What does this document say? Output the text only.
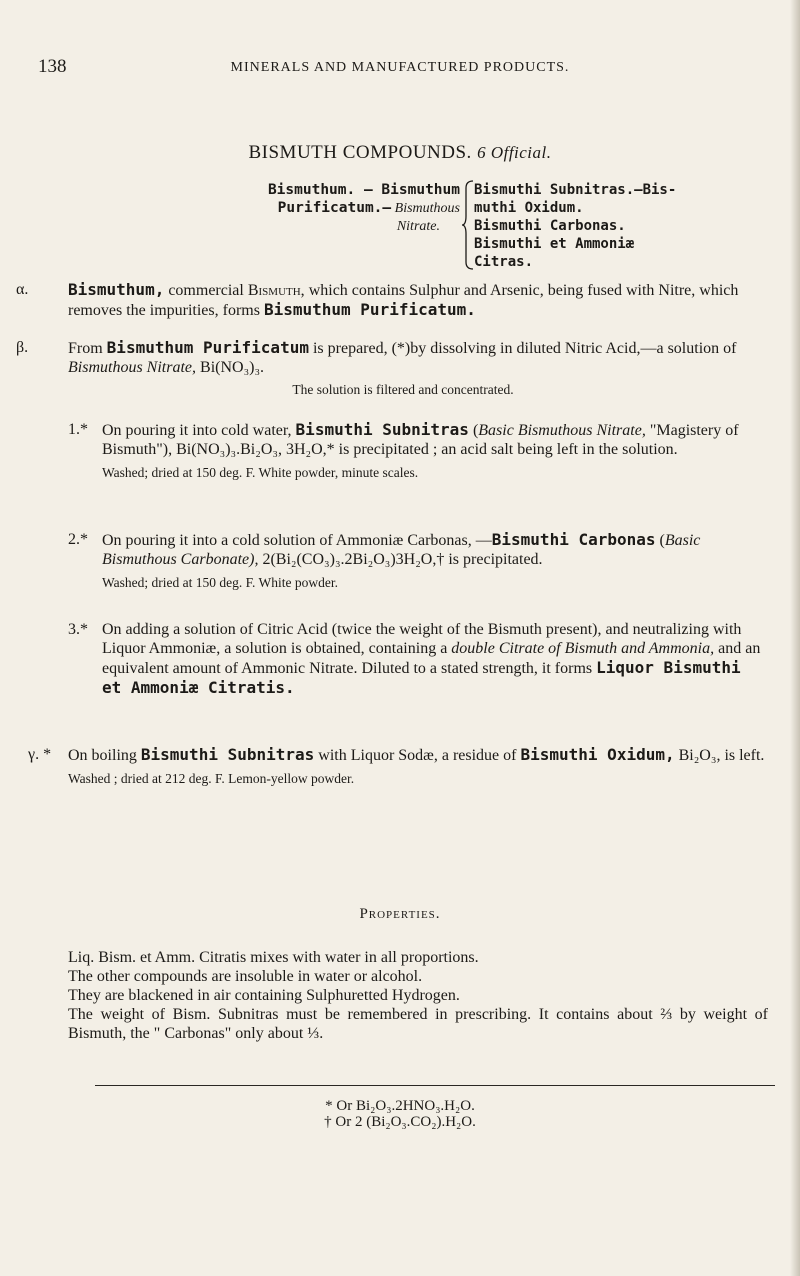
138	MINERALS AND MANUFACTURED PRODUCTS.
BISMUTH COMPOUNDS. 6 Official.
Bismuthum. — Bismuthum
Purificatum.— Bismuthous
Nitrate.
Bismuthi Subnitras.—Bis-
muthi Oxidum.
Bismuthi Carbonas.
Bismuthi et Ammoniæ
Citras.
α. Bismuthum, commercial Bismuth, which contains Sulphur and Arsenic, being fused with Nitre, which removes the impurities, forms Bismuthum Purificatum.
β. From Bismuthum Purificatum is prepared, (*)by dissolving in diluted Nitric Acid,—a solution of Bismuthous Nitrate, Bi(NO₃)₃.
The solution is filtered and concentrated.
1.* On pouring it into cold water, Bismuthi Subnitras (Basic Bismuthous Nitrate, "Magistery of Bismuth"), Bi(NO₃)₃.Bi₂O₃, 3H₂O,* is precipitated ; an acid salt being left in the solution.
Washed; dried at 150 deg. F. White powder, minute scales.
2.* On pouring it into a cold solution of Ammoniæ Carbonas, —Bismuthi Carbonas (Basic Bismuthous Carbonate), 2(Bi₂(CO₃)₃.2Bi₂O₃)3H₂O,† is precipitated.
Washed; dried at 150 deg. F. White powder.
3.* On adding a solution of Citric Acid (twice the weight of the Bismuth present), and neutralizing with Liquor Ammoniæ, a solution is obtained, containing a double Citrate of Bismuth and Ammonia, and an equivalent amount of Ammonic Nitrate. Diluted to a stated strength, it forms Liquor Bismuthi et Ammoniæ Citratis.
γ. * On boiling Bismuthi Subnitras with Liquor Sodæ, a residue of Bismuthi Oxidum, Bi₂O₃, is left.
Washed ; dried at 212 deg. F. Lemon-yellow powder.
Properties.
Liq. Bism. et Amm. Citratis mixes with water in all proportions.
The other compounds are insoluble in water or alcohol.
They are blackened in air containing Sulphuretted Hydrogen.
The weight of Bism. Subnitras must be remembered in prescribing. It contains about ⅔ by weight of Bismuth, the " Carbonas" only about ⅓.
* Or Bi₂O₃.2HNO₃.H₂O.
† Or 2 (Bi₂O₃.CO₂).H₂O.
